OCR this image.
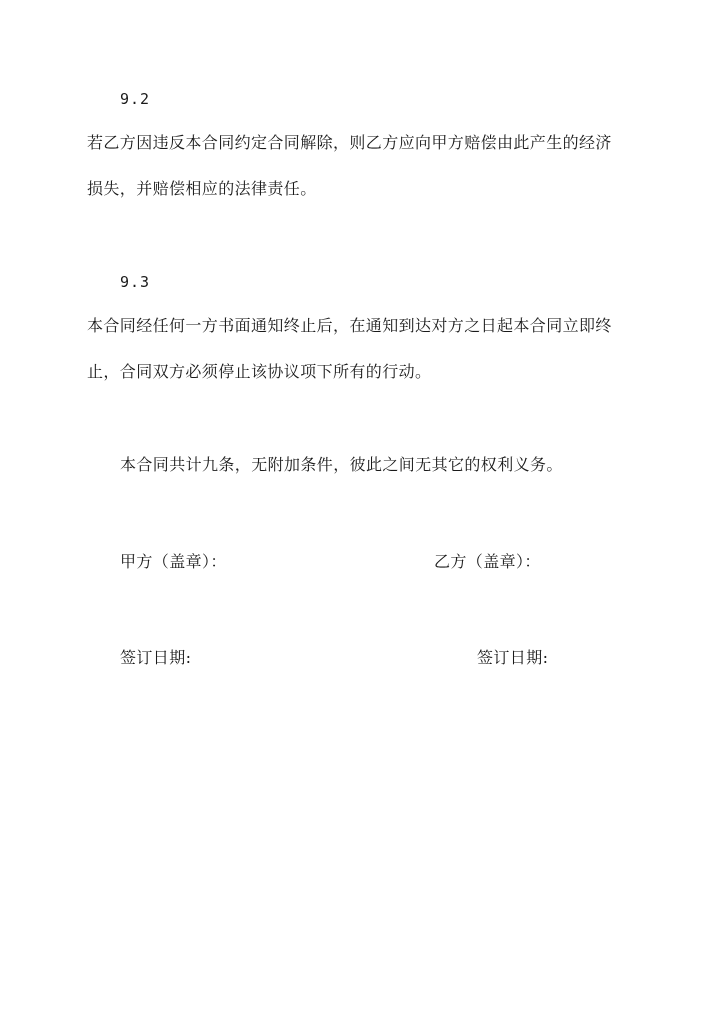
9.2
若乙方因违反本合同约定合同解除，则乙方应向甲方赔偿由此产生的经济
损失，并赔偿相应的法律责任。
9.3
本合同经任何一方书面通知终止后，在通知到达对方之日起本合同立即终
止，合同双方必须停止该协议项下所有的行动。
本合同共计九条，无附加条件，彼此之间无其它的权利义务。
甲方（盖章）：	乙方（盖章）：
签订日期:	签订日期:
